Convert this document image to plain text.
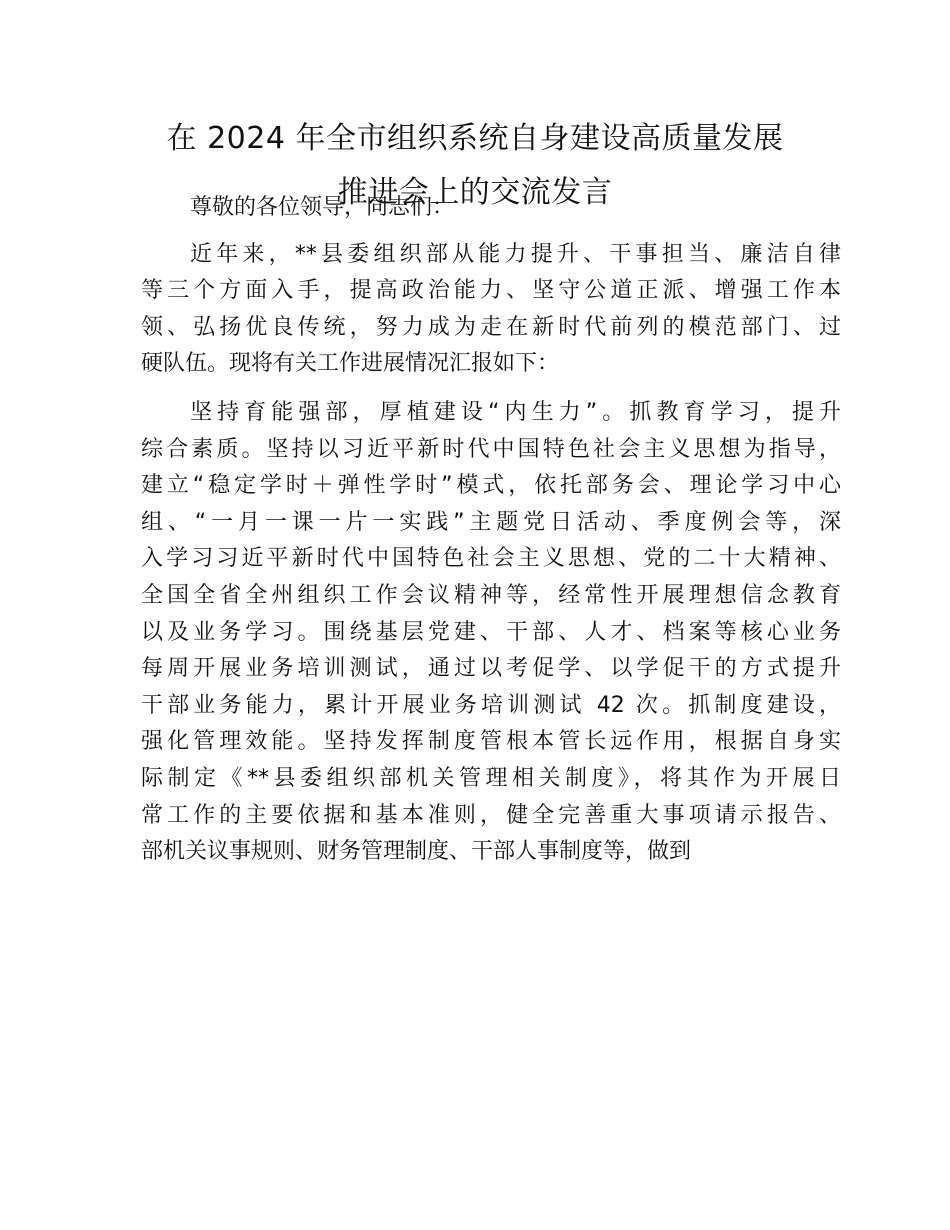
在 2024 年全市组织系统自身建设高质量发展
推进会上的交流发言
尊敬的各位领导，同志们：
近年来，**县委组织部从能力提升、干事担当、廉洁自律
等三个方面入手，提高政治能力、坚守公道正派、增强工作本
领、弘扬优良传统，努力成为走在新时代前列的模范部门、过
硬队伍。现将有关工作进展情况汇报如下：
坚持育能强部，厚植建设“内生力”。抓教育学习，提升
综合素质。坚持以习近平新时代中国特色社会主义思想为指导，
建立“稳定学时＋弹性学时”模式，依托部务会、理论学习中心
组、“一月一课一片一实践”主题党日活动、季度例会等，深
入学习习近平新时代中国特色社会主义思想、党的二十大精神、
全国全省全州组织工作会议精神等，经常性开展理想信念教育
以及业务学习。围绕基层党建、干部、人才、档案等核心业务
每周开展业务培训测试，通过以考促学、以学促干的方式提升
干部业务能力，累计开展业务培训测试 42 次。抓制度建设，
强化管理效能。坚持发挥制度管根本管长远作用，根据自身实
际制定《**县委组织部机关管理相关制度》，将其作为开展日
常工作的主要依据和基本准则，健全完善重大事项请示报告、
部机关议事规则、财务管理制度、干部人事制度等，做到
